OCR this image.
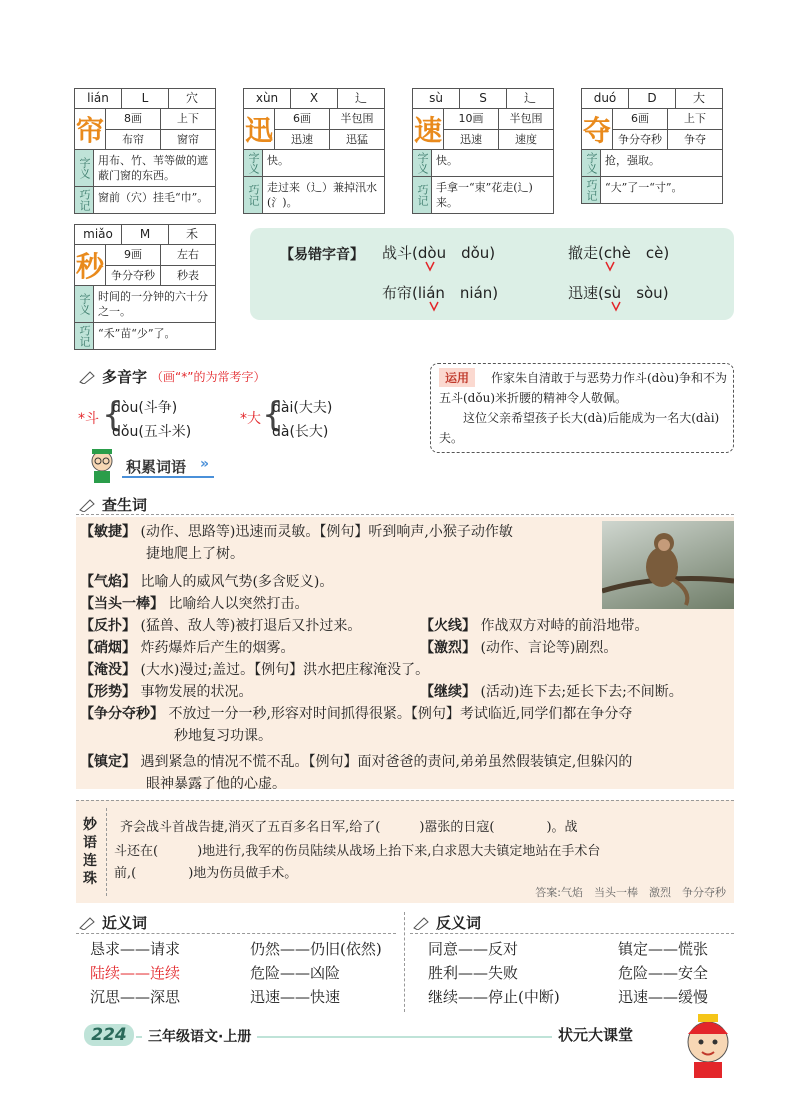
lián	L	穴
帘	8画	上下
布帘	窗帘
字义 用布、竹、苇等做的遮蔽门窗的东西。
巧记 窗前（穴）挂毛“巾”。
xùn	X	辶
迅	6画	半包围
迅速	迅猛
字义 快。
巧记 走过来（辶）兼掉汛水(氵)。
sù	S	辶
速	10画	半包围
迅速	速度
字义 快。
巧记 手拿一“束”花走(辶)来。
duó	D	大
夺	6画	上下
争分夺秒	争夺
字义 抢，强取。
巧记 “大”了一“寸”。
miǎo	M	禾
秒	9画	左右
争分夺秒	秒表
字义 时间的一分钟的六十分之一。
巧记 “禾”苗“少”了。
【易错字音】 战斗(dòu　dǒu)	撤走(chè　cè)
布帘(lián　nián)	迅速(sù　sòu)
多音字 （画“*”的为常考字）
*斗 {
dòu(斗争)
dǒu(五斗米)
*大 {
dài(大夫)
dà(长大)
运用	作家朱自清敢于与恶势力作斗(dòu)争和不为五斗(dǒu)米折腰的精神令人敬佩。
这位父亲希望孩子长大(dà)后能成为一名大(dài)夫。
积累词语 »
查生词
【敏捷】 (动作、思路等)迅速而灵敏。【例句】听到响声,小猴子动作敏
捷地爬上了树。
【气焰】 比喻人的威风气势(多含贬义)。
【当头一棒】 比喻给人以突然打击。
【反扑】 (猛兽、敌人等)被打退后又扑过来。	【火线】 作战双方对峙的前沿地带。
【硝烟】 炸药爆炸后产生的烟雾。	【激烈】 (动作、言论等)剧烈。
【淹没】 (大水)漫过;盖过。【例句】洪水把庄稼淹没了。
【形势】 事物发展的状况。	【继续】 (活动)连下去;延长下去;不间断。
【争分夺秒】 不放过一分一秒,形容对时间抓得很紧。【例句】考试临近,同学们都在争分夺
秒地复习功课。
【镇定】 遇到紧急的情况不慌不乱。【例句】面对爸爸的责问,弟弟虽然假装镇定,但躲闪的
眼神暴露了他的心虚。
妙语连珠
齐会战斗首战告捷,消灭了五百多名日军,给了(　　　)嚣张的日寇(　　　　)。战
斗还在(　　　)地进行,我军的伤员陆续从战场上抬下来,白求恩大夫镇定地站在手术台
前,(　　　　)地为伤员做手术。
答案:气焰　当头一棒　激烈　争分夺秒
近义词	反义词
恳求——请求	仍然——仍旧(依然)
陆续——连续	危险——凶险
沉思——深思	迅速——快速
同意——反对	镇定——慌张
胜利——失败	危险——安全
继续——停止(中断)	迅速——缓慢
224	三年级语文·上册	状元大课堂
